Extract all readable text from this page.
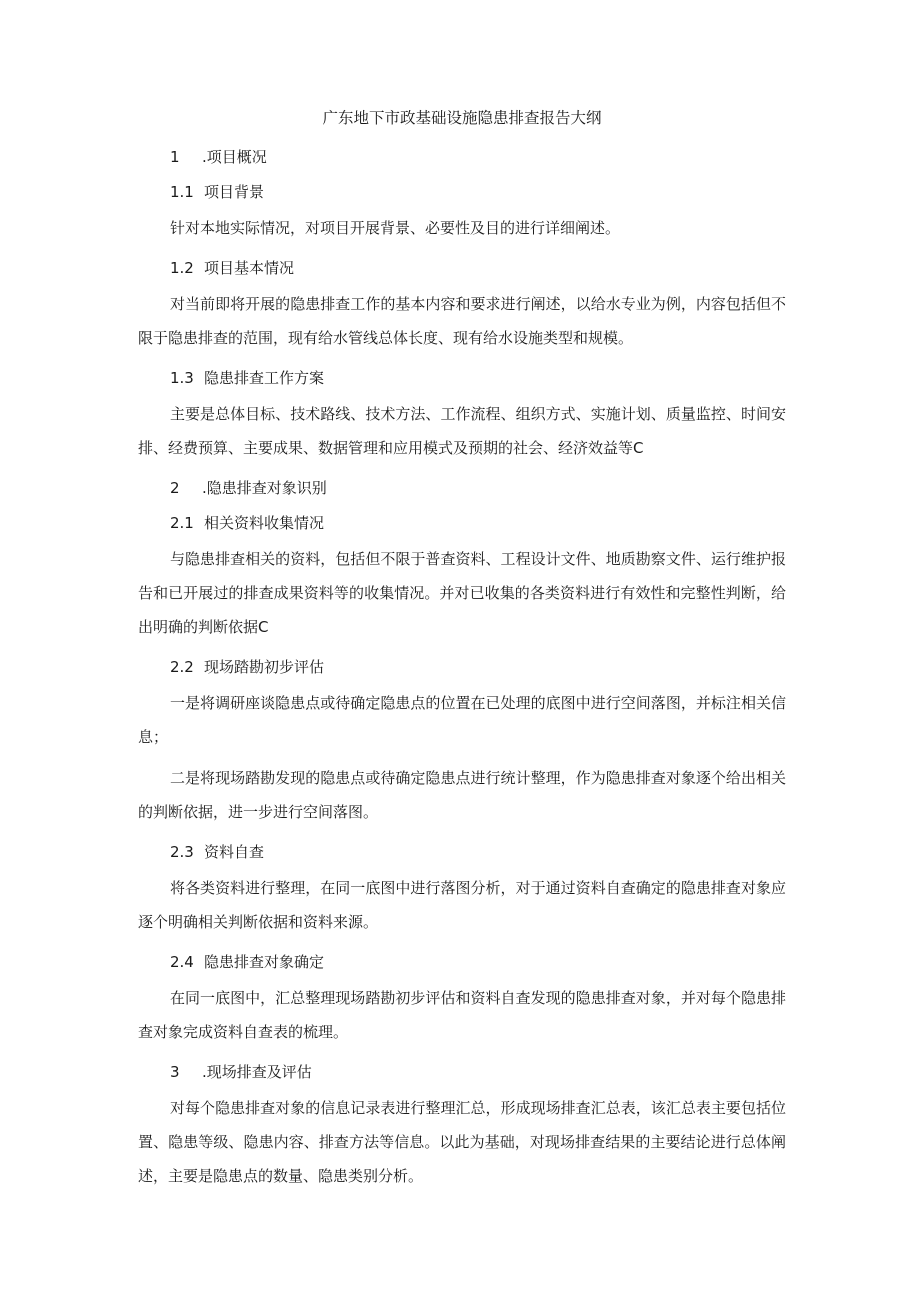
广东地下市政基础设施隐患排查报告大纲
1 .项目概况
1.1 项目背景
针对本地实际情况，对项目开展背景、必要性及目的进行详细阐述。
1.2 项目基本情况
对当前即将开展的隐患排查工作的基本内容和要求进行阐述，以给水专业为例，内容包括但不限于隐患排查的范围，现有给水管线总体长度、现有给水设施类型和规模。
1.3 隐患排查工作方案
主要是总体目标、技术路线、技术方法、工作流程、组织方式、实施计划、质量监控、时间安排、经费预算、主要成果、数据管理和应用模式及预期的社会、经济效益等C
2 .隐患排查对象识别
2.1 相关资料收集情况
与隐患排查相关的资料，包括但不限于普查资料、工程设计文件、地质勘察文件、运行维护报告和已开展过的排查成果资料等的收集情况。并对已收集的各类资料进行有效性和完整性判断，给出明确的判断依据C
2.2 现场踏勘初步评估
一是将调研座谈隐患点或待确定隐患点的位置在已处理的底图中进行空间落图，并标注相关信息；
二是将现场踏勘发现的隐患点或待确定隐患点进行统计整理，作为隐患排查对象逐个给出相关的判断依据，进一步进行空间落图。
2.3 资料自查
将各类资料进行整理，在同一底图中进行落图分析，对于通过资料自查确定的隐患排查对象应逐个明确相关判断依据和资料来源。
2.4 隐患排查对象确定
在同一底图中，汇总整理现场踏勘初步评估和资料自查发现的隐患排查对象，并对每个隐患排查对象完成资料自查表的梳理。
3 .现场排查及评估
对每个隐患排查对象的信息记录表进行整理汇总，形成现场排查汇总表，该汇总表主要包括位置、隐患等级、隐患内容、排查方法等信息。以此为基础，对现场排查结果的主要结论进行总体阐述，主要是隐患点的数量、隐患类别分析。
